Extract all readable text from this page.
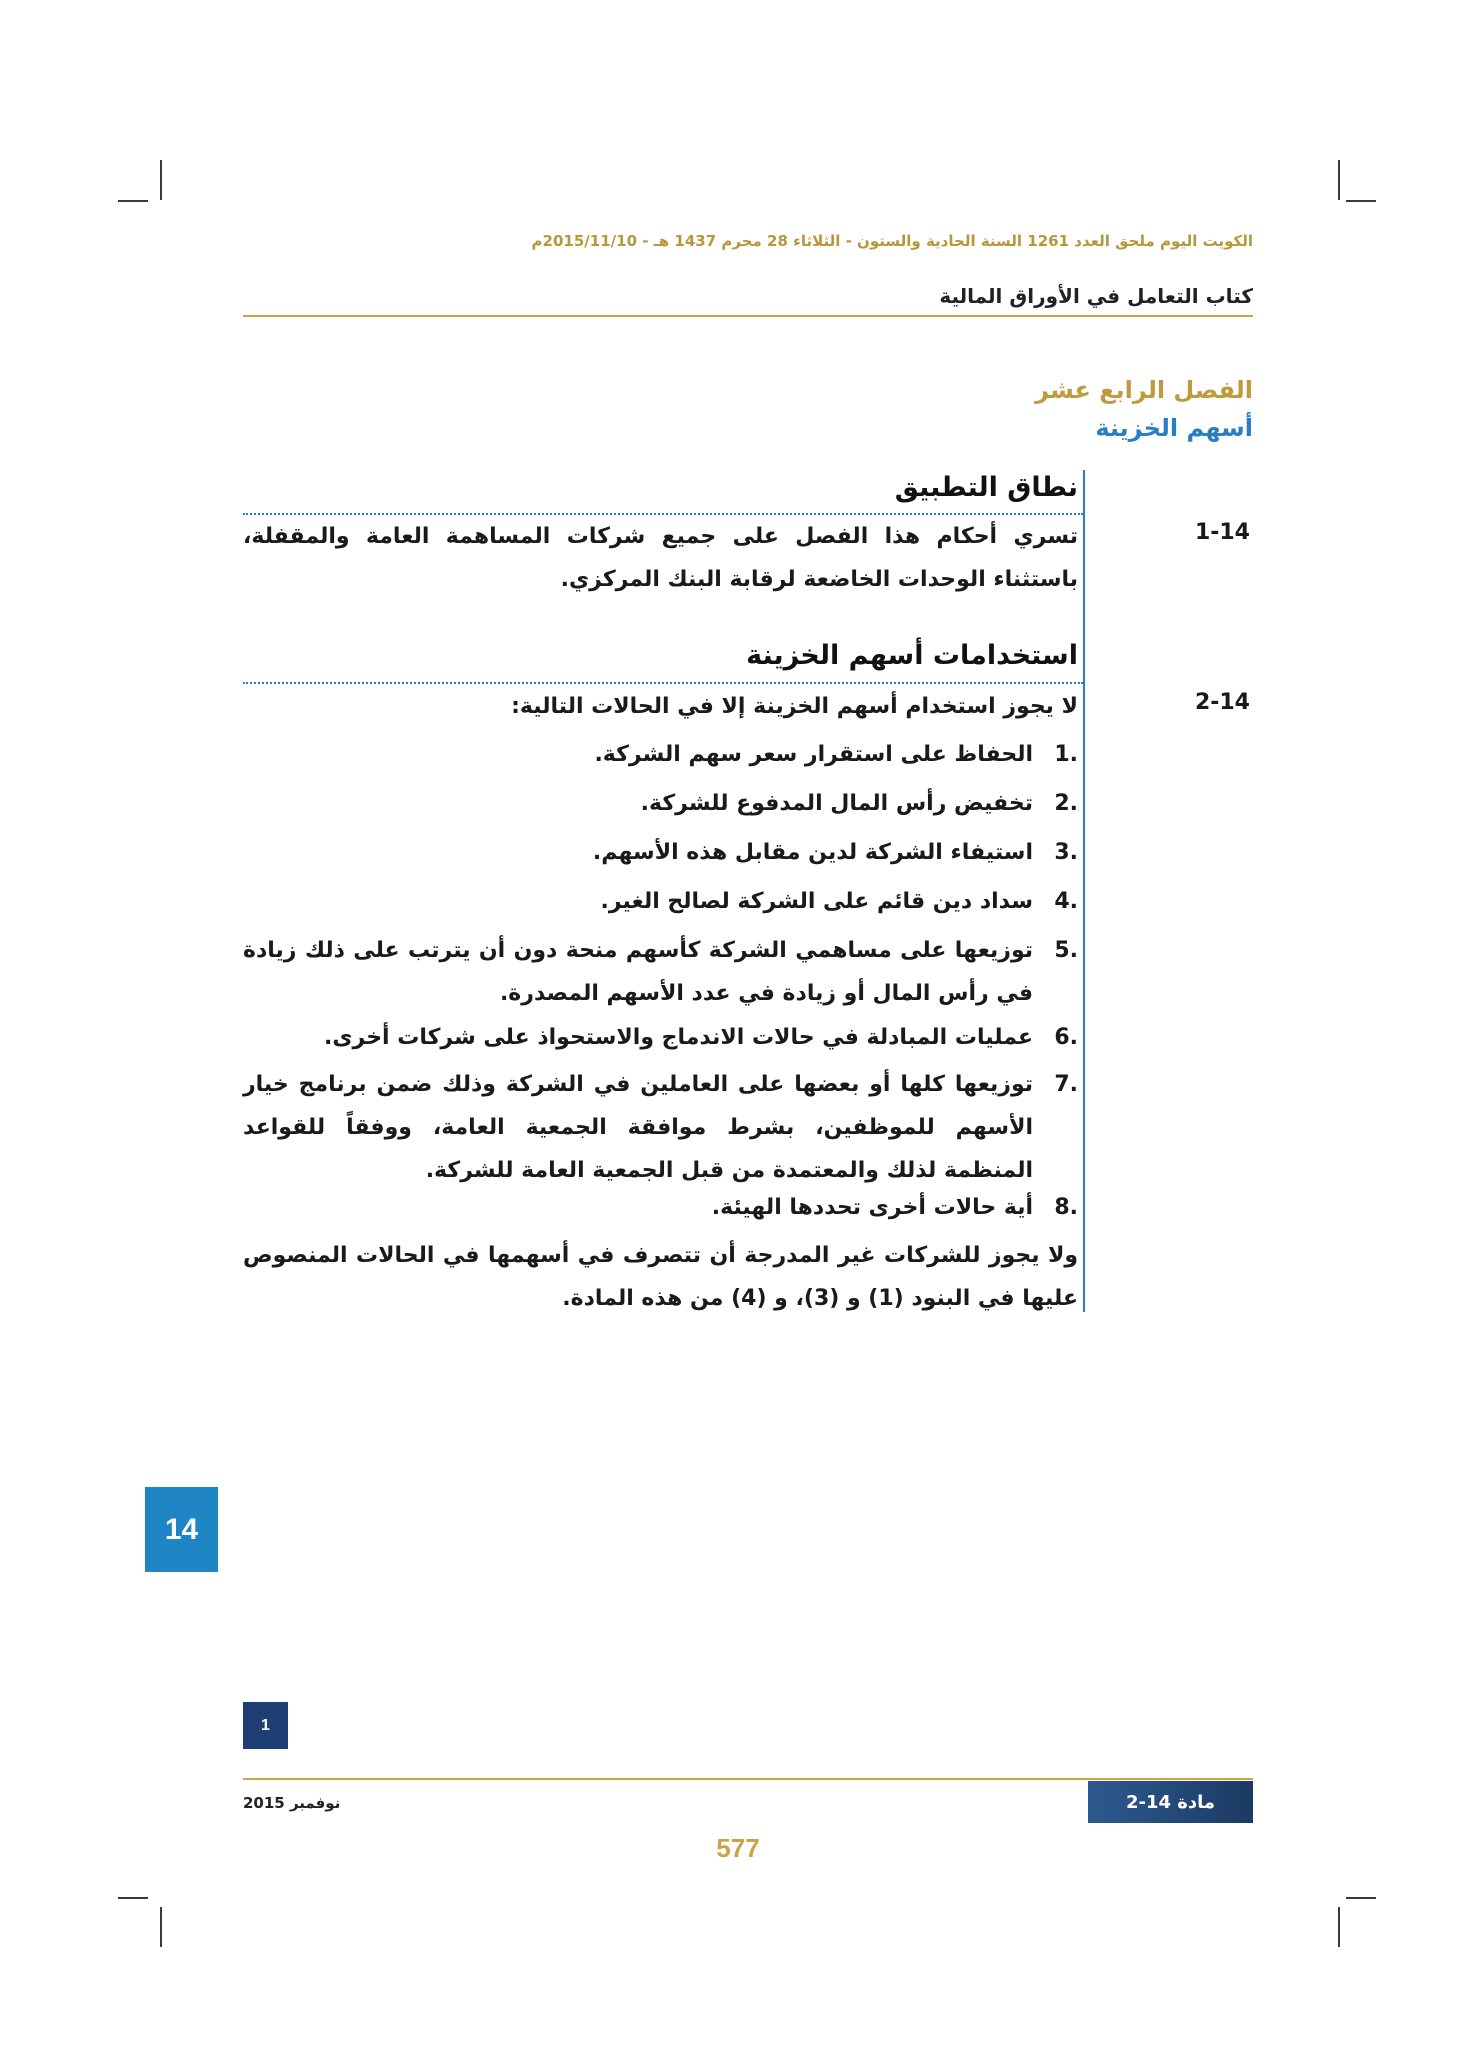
الكويت اليوم ملحق العدد 1261 السنة الحادية والستون - الثلاثاء 28 محرم 1437 هـ - 2015/11/10م
كتاب التعامل في الأوراق المالية
الفصل الرابع عشر
أسهم الخزينة
نطاق التطبيق
1-14
تسري أحكام هذا الفصل على جميع شركات المساهمة العامة والمقفلة، باستثناء الوحدات الخاضعة لرقابة البنك المركزي.
استخدامات أسهم الخزينة
2-14
لا يجوز استخدام أسهم الخزينة إلا في الحالات التالية:
1.
الحفاظ على استقرار سعر سهم الشركة.
2.
تخفيض رأس المال المدفوع للشركة.
3.
استيفاء الشركة لدين مقابل هذه الأسهم.
4.
سداد دين قائم على الشركة لصالح الغير.
5.
توزيعها على مساهمي الشركة كأسهم منحة دون أن يترتب على ذلك زيادة في رأس المال أو زيادة في عدد الأسهم المصدرة.
6.
عمليات المبادلة في حالات الاندماج والاستحواذ على شركات أخرى.
7.
توزيعها كلها أو بعضها على العاملين في الشركة وذلك ضمن برنامج خيار الأسهم للموظفين، بشرط موافقة الجمعية العامة، ووفقاً للقواعد المنظمة لذلك والمعتمدة من قبل الجمعية العامة للشركة.
8.
أية حالات أخرى تحددها الهيئة.
ولا يجوز للشركات غير المدرجة أن تتصرف في أسهمها في الحالات المنصوص عليها في البنود (1) و (3)، و (4) من هذه المادة.
14
1
نوفمبر 2015	مادة 14-2
577
